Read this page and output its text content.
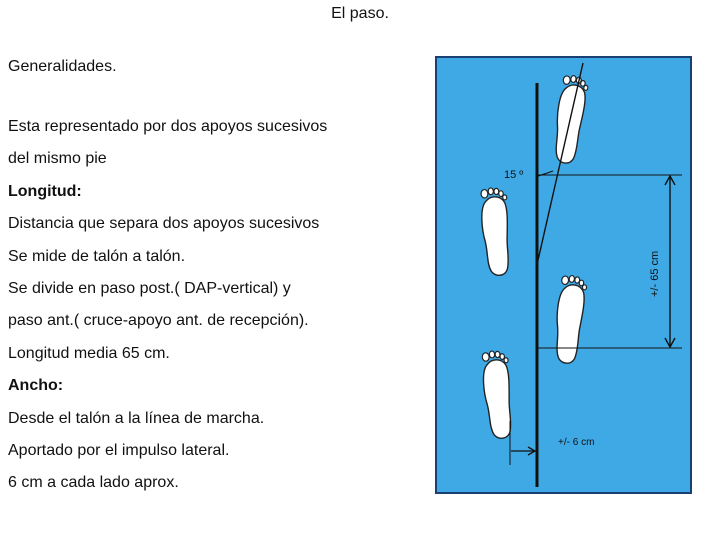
El paso.
Generalidades.
Esta representado por dos apoyos sucesivos
del mismo pie
Longitud:
Distancia que separa dos apoyos sucesivos
Se mide de talón a talón.
Se divide en paso post.( DAP-vertical) y
paso ant.( cruce-apoyo ant. de recepción).
Longitud media 65 cm.
Ancho:
Desde el talón a la línea de marcha.
Aportado por el impulso lateral.
6 cm a cada lado aprox.
15 º
+/- 65 cm
+/- 6 cm
